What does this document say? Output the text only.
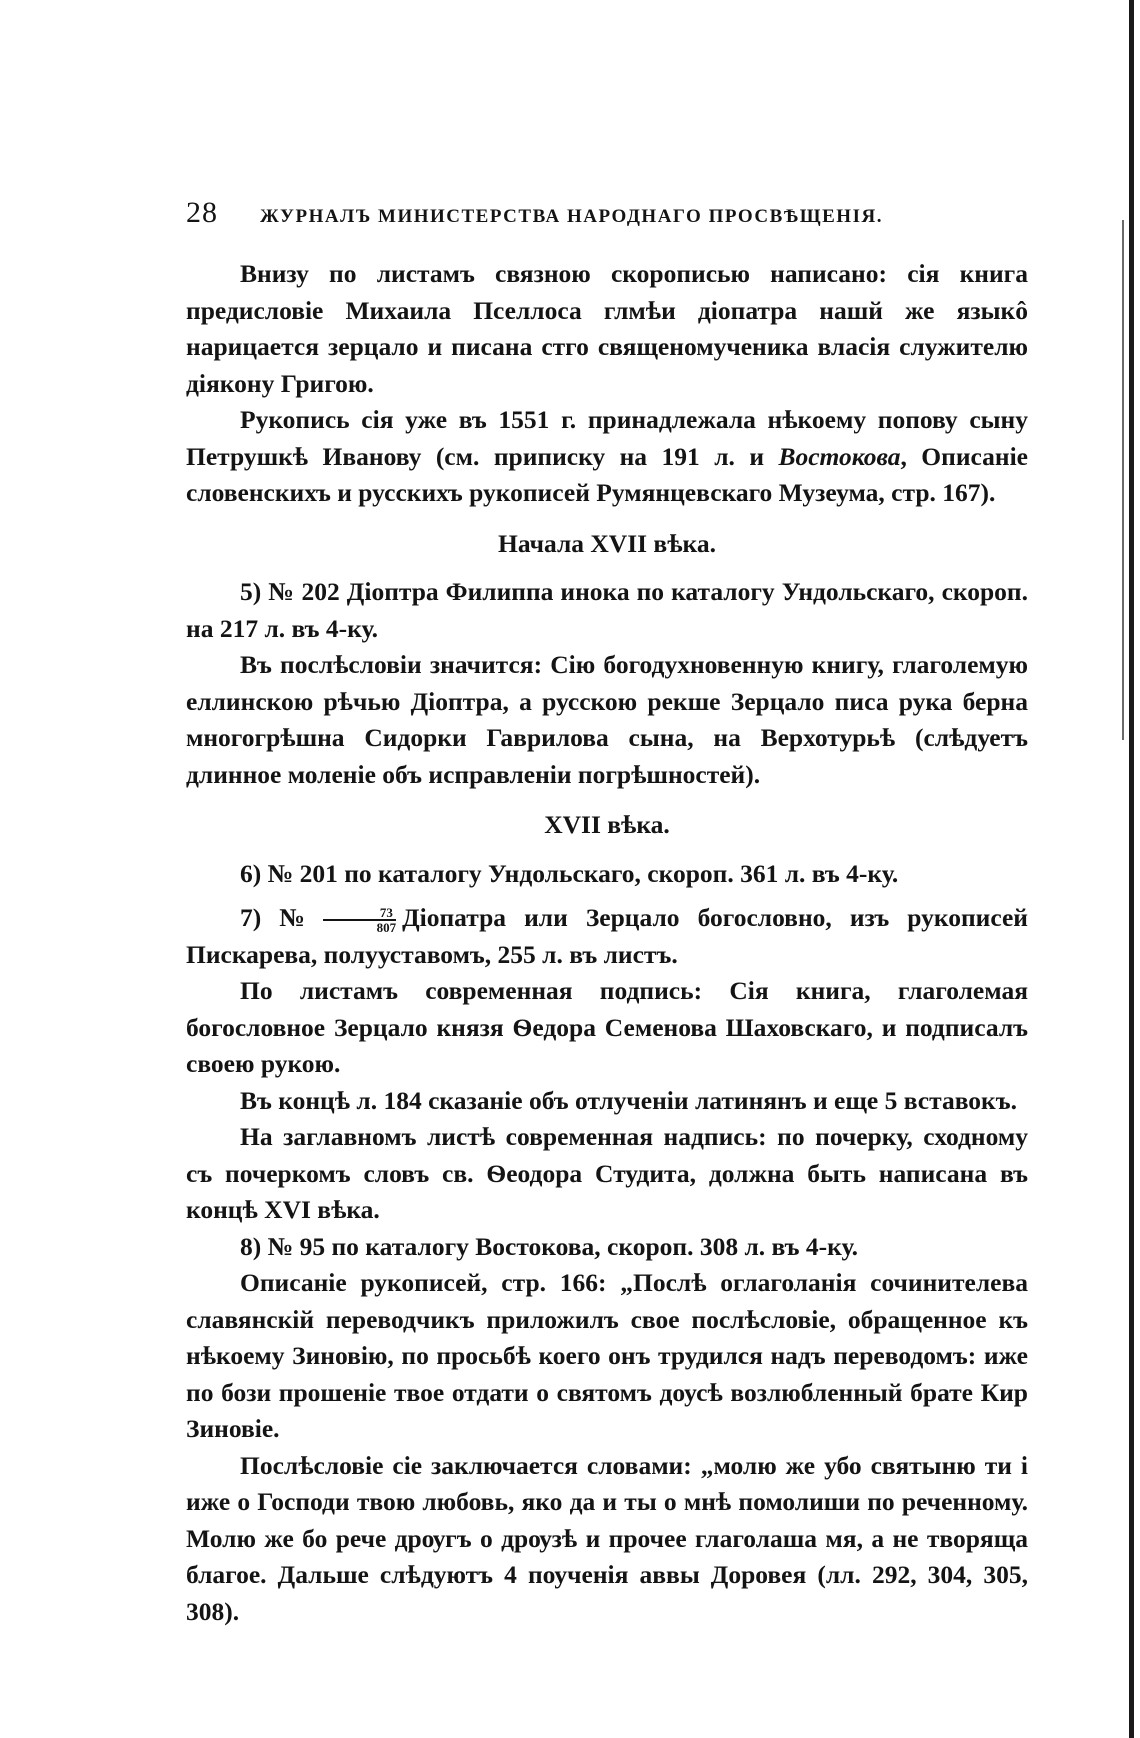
28 ЖУРНАЛЪ МИНИСТЕРСТВА НАРОДНАГО ПРОСВѢЩЕНІЯ.

Внизу по листамъ связною скорописью написано: сія книга предисловіе Михаила Пселлоса глмѣи діопатра нашй же языкô нарицается зерцало и писана стго священомученика власія служителю діякону Григою.

Рукопись сія уже въ 1551 г. принадлежала нѣкоему попову сыну Петрушкѣ Иванову (см. приписку на 191 л. и Востокова, Описаніе словенскихъ и русскихъ рукописей Румянцевскаго Музеума, стр. 167).

Начала XVII вѣка.

5) № 202 Діоптра Филиппа инока по каталогу Ундольскаго, скороп. на 217 л. въ 4-ку.

Въ послѣсловіи значится: Сію богодухновенную книгу, глаголемую еллинскою рѣчью Діоптра, а русскою рекше Зерцало писа рука берна многогрѣшна Сидорки Гаврилова сына, на Верхотурьѣ (слѣдуетъ длинное моленіе объ исправленіи погрѣшностей).

XVII вѣка.

6) № 201 по каталогу Ундольскаго, скороп. 361 л. въ 4-ку.

7) № $\frac{73}{807}$ Діопатра или Зерцало богословно, изъ рукописей Пискарева, полууставомъ, 255 л. въ листъ.

По листамъ современная подпись: Сія книга, глаголемая богословное Зерцало князя Ѳедора Семенова Шаховскаго, и подписалъ своею рукою.

Въ концѣ л. 184 сказаніе объ отлученіи латинянъ и еще 5 вставокъ.

На заглавномъ листѣ современная надпись: по почерку, сходному съ почеркомъ словъ св. Ѳеодора Студита, должна быть написана въ концѣ XVI вѣка.

8) № 95 по каталогу Востокова, скороп. 308 л. въ 4-ку.

Описаніе рукописей, стр. 166: „Послѣ оглаголанія сочинителева славянскій переводчикъ приложилъ свое послѣсловіе, обращенное къ нѣкоему Зиновію, по просьбѣ коего онъ трудился надъ переводомъ: иже по бози прошеніе твое отдати о святомъ доусѣ возлюбленный брате Кир Зиновіе.

Послѣсловіе сіе заключается словами: „молю же убо святыню ти і иже о Господи твою любовь, яко да и ты о мнѣ помолиши по реченному. Молю же бо рече дрѹгъ о дрѹзѣ и прочее глаголаша мя, а не творяща благое. Дальше слѣдуютъ 4 поученія аввы Доровея (лл. 292, 304, 305, 308).
